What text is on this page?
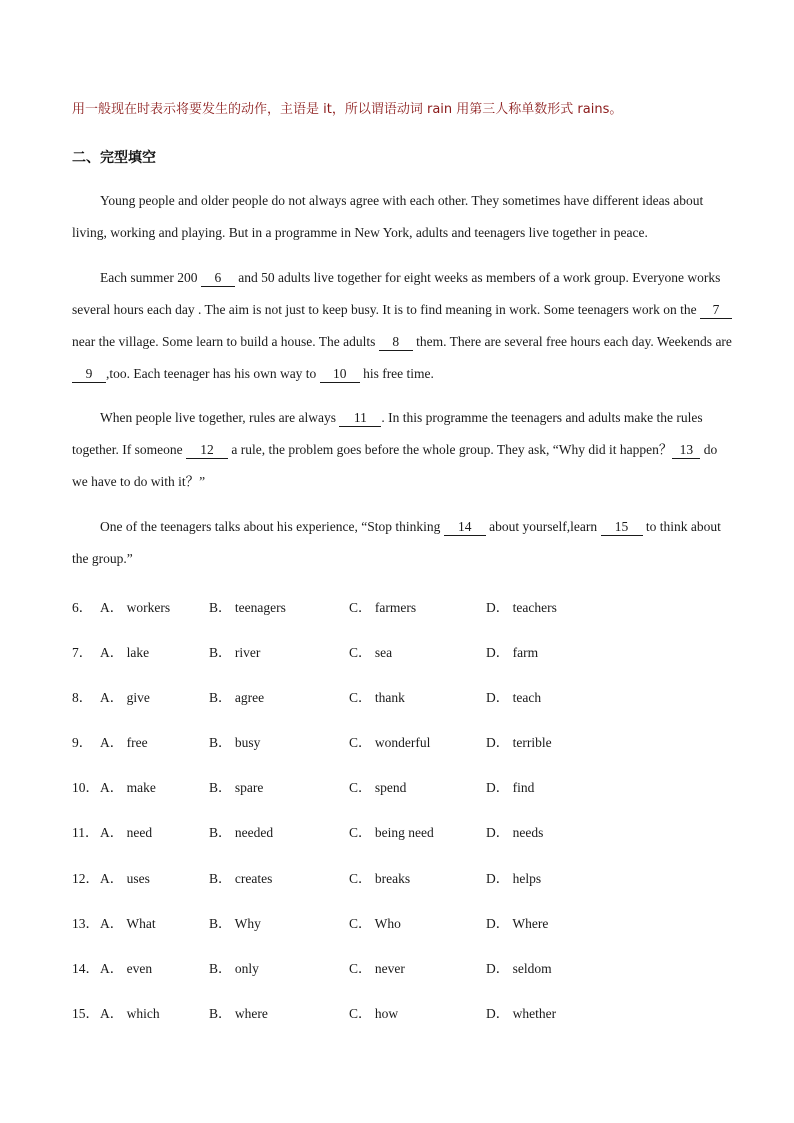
用一般现在时表示将要发生的动作，主语是 it，所以谓语动词 rain 用第三人称单数形式 rains。
二、完型填空
Young people and older people do not always agree with each other. They sometimes have different ideas about living, working and playing. But in a programme in New York, adults and teenagers live together in peace.
Each summer 200 6 and 50 adults live together for eight weeks as members of a work group. Everyone works several hours each day . The aim is not just to keep busy. It is to find meaning in work. Some teenagers work on the 7near the village. Some learn to build a house. The adults 8 them. There are several free hours each day. Weekends are 9 ,too. Each teenager has his own way to 10 his free time.
When people live together, rules are always 11 . In this programme the teenagers and adults make the rules together. If someone 12 a rule, the problem goes before the whole group. They ask, “Why did it happen？ 13 do we have to do with it？”
One of the teenagers talks about his experience, “Stop thinking 14 about yourself,learn 15 to think about the group.”
6． A． workers	B． teenagers	C． farmers	D． teachers
7． A． lake	B． river	C． sea	D． farm
8． A． give	B． agree	C． thank	D． teach
9． A． free	B． busy	C． wonderful	D． terrible
10． A． make	B． spare	C． spend	D． find
11． A． need	B． needed	C． being need	D． needs
12． A． uses	B． creates	C． breaks	D． helps
13． A． What	B． Why	C． Who	D． Where
14． A． even	B． only	C． never	D． seldom
15． A． which	B． where	C． how	D． whether
